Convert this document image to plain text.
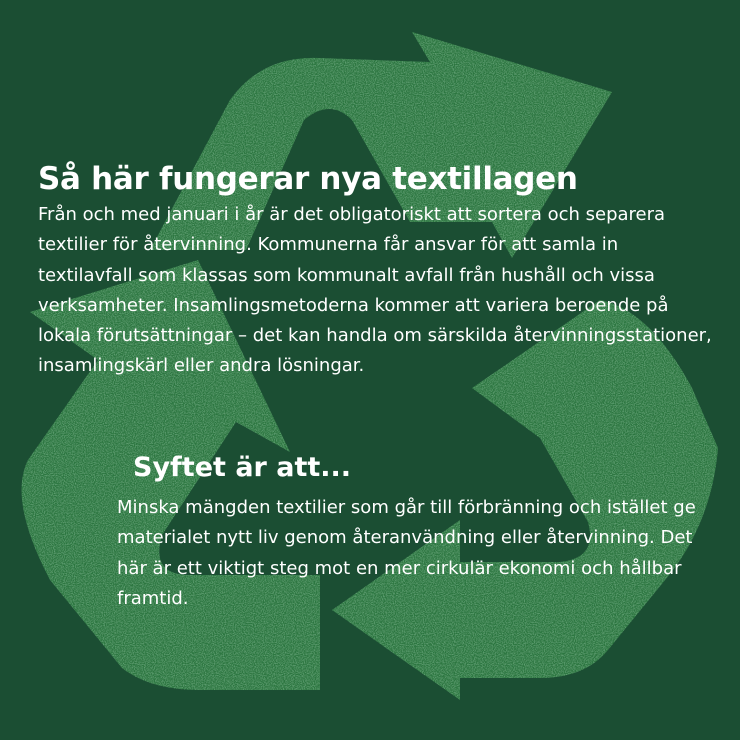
Så här fungerar nya textillagen

Från och med januari i år är det obligatoriskt att sortera och separera textilier för återvinning. Kommunerna får ansvar för att samla in textilavfall som klassas som kommunalt avfall från hushåll och vissa verksamheter. Insamlingsmetoderna kommer att variera beroende på lokala förutsättningar – det kan handla om särskilda återvinningsstationer, insamlingskärl eller andra lösningar.

Syftet är att...

Minska mängden textilier som går till förbränning och istället ge materialet nytt liv genom återanvändning eller återvinning. Det här är ett viktigt steg mot en mer cirkulär ekonomi och hållbar framtid.
